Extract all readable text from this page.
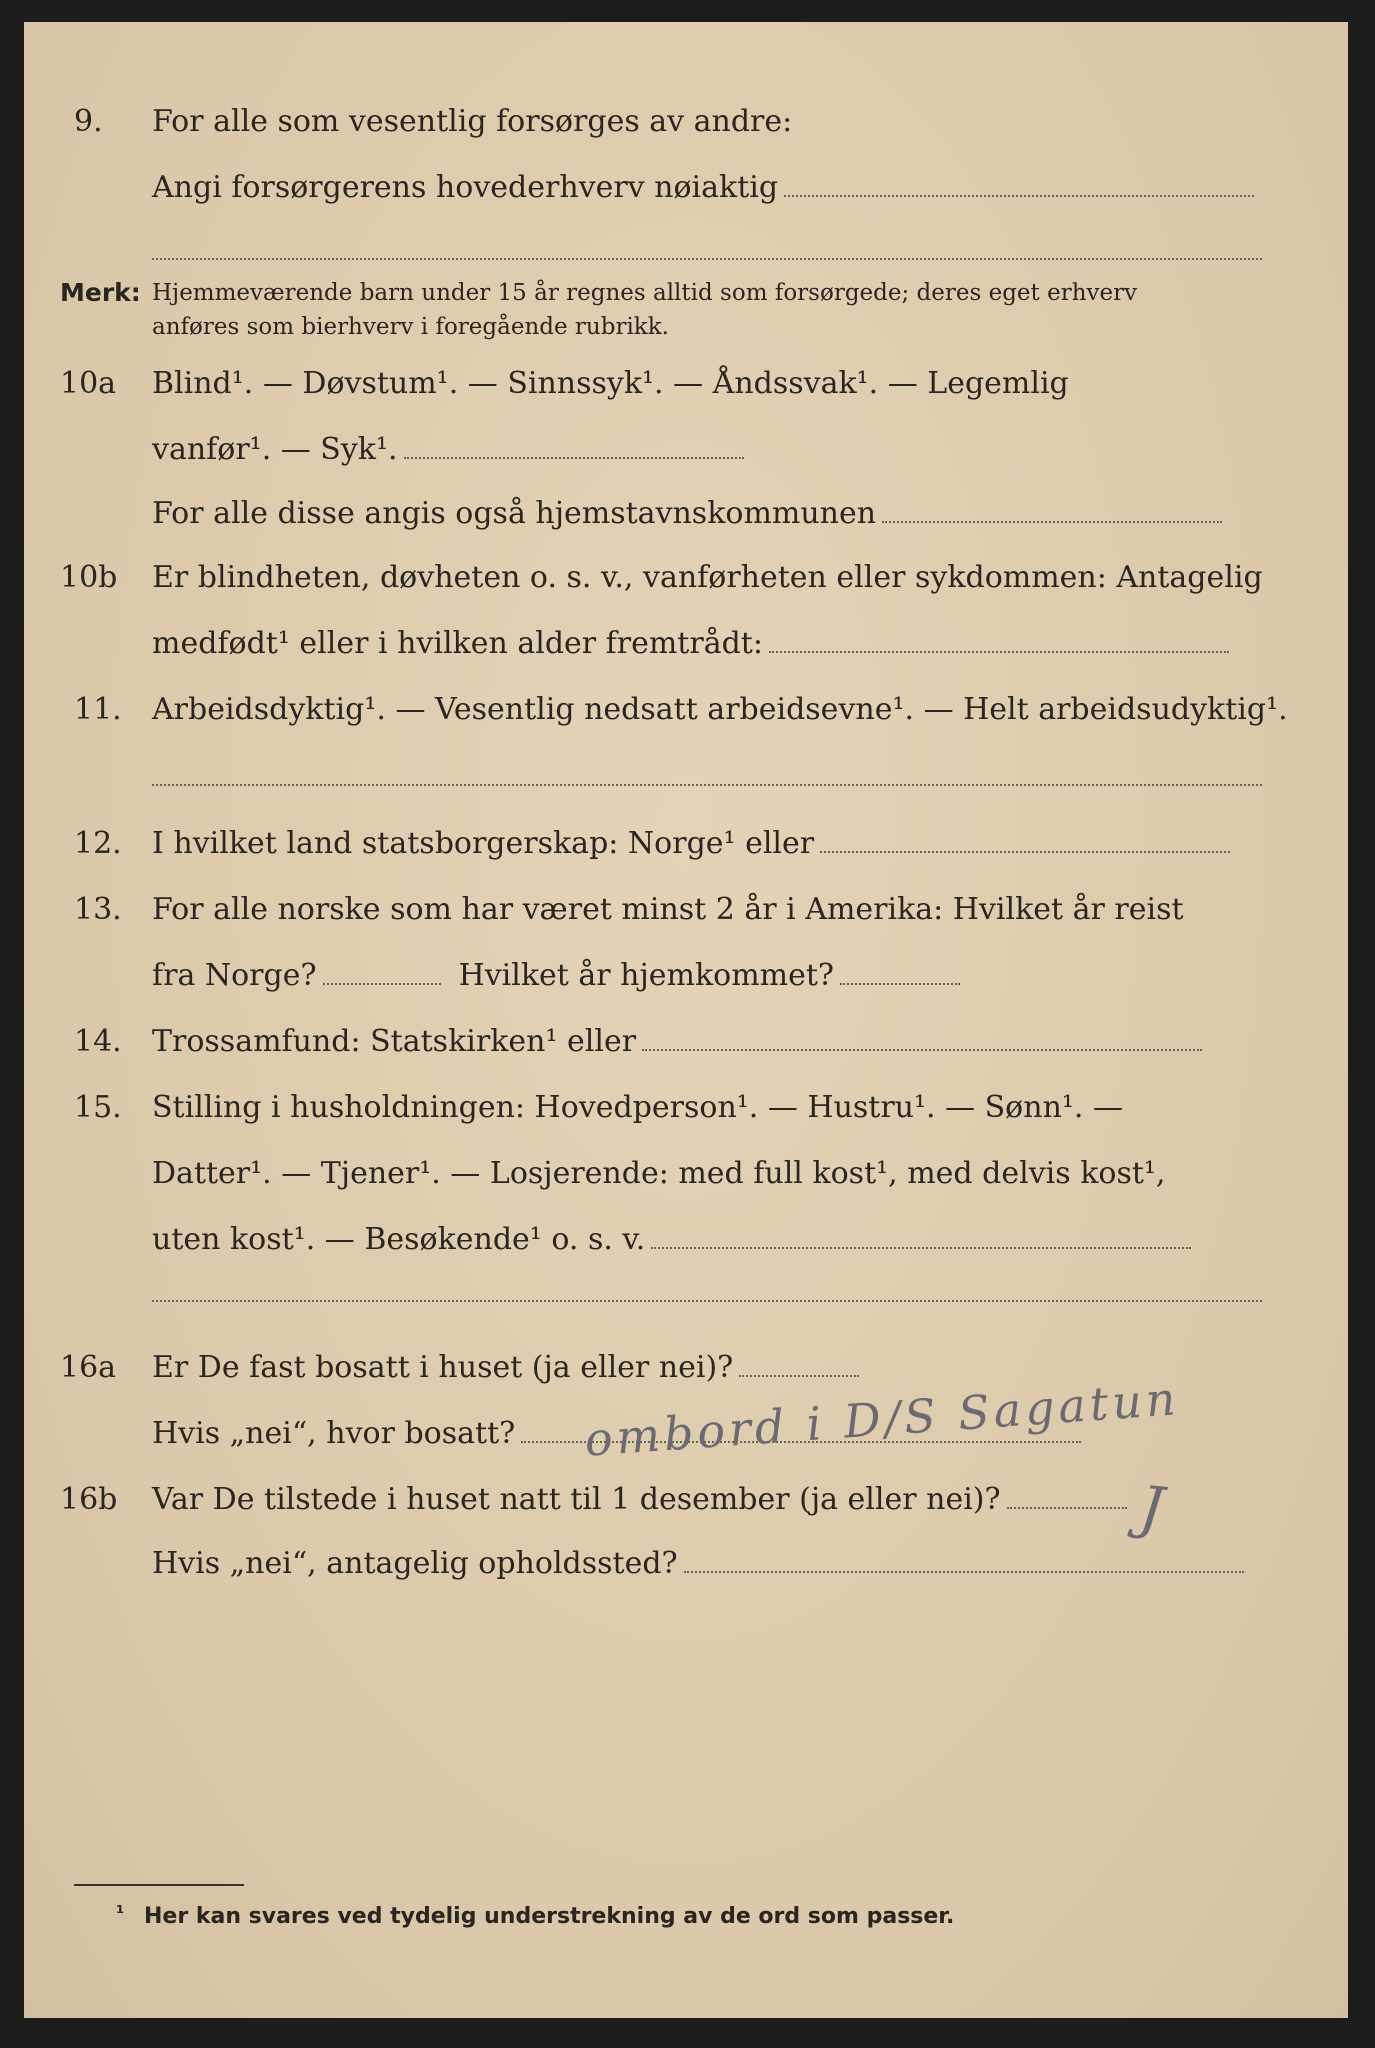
9. For alle som vesentlig forsørges av andre:
Angi forsørgerens hovederhverv nøiaktig
Merk: Hjemmeværende barn under 15 år regnes alltid som forsørgede; deres eget erhverv
anføres som bierhverv i foregående rubrikk.
10a Blind¹. — Døvstum¹. — Sinnssyk¹. — Åndssvak¹. — Legemlig
vanfør¹. — Syk¹.
For alle disse angis også hjemstavnskommunen
10b Er blindheten, døvheten o. s. v., vanførheten eller sykdommen: Antagelig
medfødt¹ eller i hvilken alder fremtrådt:
11. Arbeidsdyktig¹. — Vesentlig nedsatt arbeidsevne¹. — Helt arbeidsudyktig¹.
12. I hvilket land statsborgerskap: Norge¹ eller
13. For alle norske som har været minst 2 år i Amerika: Hvilket år reist
fra Norge?	Hvilket år hjemkommet?
14. Trossamfund: Statskirken¹ eller
15. Stilling i husholdningen: Hovedperson¹. — Hustru¹. — Sønn¹. —
Datter¹. — Tjener¹. — Losjerende: med full kost¹, med delvis kost¹,
uten kost¹. — Besøkende¹ o. s. v.
16a Er De fast bosatt i huset (ja eller nei)?
Hvis „nei“, hvor bosatt? ombord i D/S Sagatun
16b Var De tilstede i huset natt til 1 desember (ja eller nei)? J
Hvis „nei“, antagelig opholdssted?
¹ Her kan svares ved tydelig understrekning av de ord som passer.
